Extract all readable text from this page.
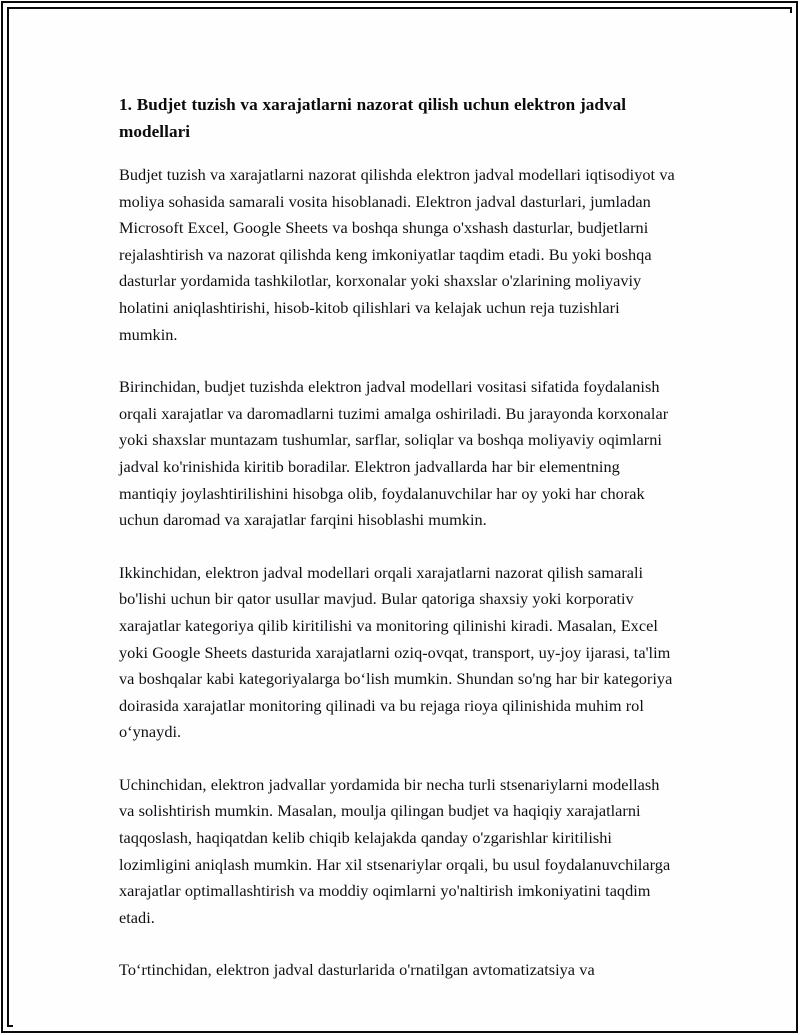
1. Budjet tuzish va xarajatlarni nazorat qilish uchun elektron jadval modellari

Budjet tuzish va xarajatlarni nazorat qilishda elektron jadval modellari iqtisodiyot va moliya sohasida samarali vosita hisoblanadi. Elektron jadval dasturlari, jumladan Microsoft Excel, Google Sheets va boshqa shunga o'xshash dasturlar, budjetlarni rejalashtirish va nazorat qilishda keng imkoniyatlar taqdim etadi. Bu yoki boshqa dasturlar yordamida tashkilotlar, korxonalar yoki shaxslar o'zlarining moliyaviy holatini aniqlashtirishi, hisob-kitob qilishlari va kelajak uchun reja tuzishlari mumkin.

Birinchidan, budjet tuzishda elektron jadval modellari vositasi sifatida foydalanish orqali xarajatlar va daromadlarni tuzimi amalga oshiriladi. Bu jarayonda korxonalar yoki shaxslar muntazam tushumlar, sarflar, soliqlar va boshqa moliyaviy oqimlarni jadval ko'rinishida kiritib boradilar. Elektron jadvallarda har bir elementning mantiqiy joylashtirilishini hisobga olib, foydalanuvchilar har oy yoki har chorak uchun daromad va xarajatlar farqini hisoblashi mumkin.

Ikkinchidan, elektron jadval modellari orqali xarajatlarni nazorat qilish samarali bo'lishi uchun bir qator usullar mavjud. Bular qatoriga shaxsiy yoki korporativ xarajatlar kategoriya qilib kiritilishi va monitoring qilinishi kiradi. Masalan, Excel yoki Google Sheets dasturida xarajatlarni oziq-ovqat, transport, uy-joy ijarasi, ta'lim va boshqalar kabi kategoriyalarga bo‘lish mumkin. Shundan so'ng har bir kategoriya doirasida xarajatlar monitoring qilinadi va bu rejaga rioya qilinishida muhim rol o‘ynaydi.

Uchinchidan, elektron jadvallar yordamida bir necha turli stsenariylarni modellash va solishtirish mumkin. Masalan, moulja qilingan budjet va haqiqiy xarajatlarni taqqoslash, haqiqatdan kelib chiqib kelajakda qanday o'zgarishlar kiritilishi lozimligini aniqlash mumkin. Har xil stsenariylar orqali, bu usul foydalanuvchilarga xarajatlar optimallashtirish va moddiy oqimlarni yo'naltirish imkoniyatini taqdim etadi.

To‘rtinchidan, elektron jadval dasturlarida o'rnatilgan avtomatizatsiya va
